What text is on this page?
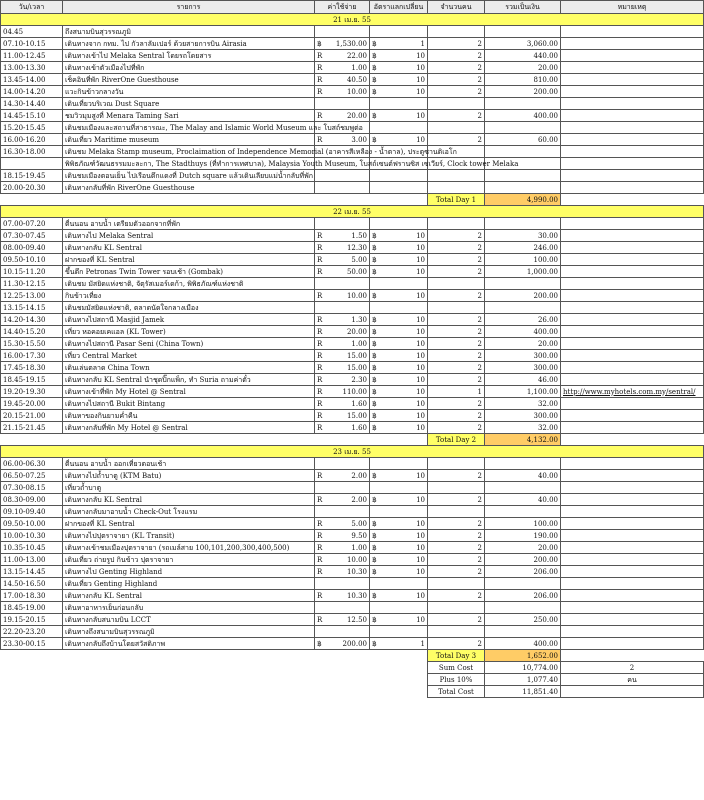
วัน/เวลา	รายการ	ค่าใช้จ่าย	อัตราแลกเปลี่ยน	จำนวนคน	รวมเป็นเงิน	หมายเหตุ
21 เม.ย. 55						
04.45	ถึงสนามบินสุวรรณภูมิ	

07.10-10.15	เดินทางจาก กทม. ไป กัวลาลัมเปอร์ ด้วยสายการบิน Airasia	฿ 1,530.00	฿ 1	2	3,060.00	
11.00-12.45	เดินทางเข้าไป Melaka Sentral โดยรถโดยสาร	R 22.00	฿ 10	2	440.00	
13.00-13.30	เดินทางเข้าตัวเมืองไปที่พัก	R 1.00	฿ 10	2	20.00	
13.45-14.00	เช็คอินที่พัก RiverOne Guesthouse	R 40.50	฿ 10	2	810.00	
14.00-14.20	แวะกินข้าวกลางวัน	R 10.00	฿ 10	2	200.00	
14.30-14.40	เดินเที่ยวบริเวณ Dust Square	

14.45-15.10	ชมวิวมุมสูงที่ Menara Taming Sari	R 20.00	฿ 10	2	400.00	
15.20-15.45	เดินชมเมืองและสถานที่สาธารณะ, The Malay and Islamic World Museum และ โบสถ์ชมพูต่อ	

16.00-16.20	เดินเที่ยว Maritime museum	R 3.00	฿ 10	2	60.00	
16.30-18.00	เดินชม Melaka Stamp museum, Proclaimation of Independence Memorial (อาคารสีเหลือง - น้ำตาล), ประตูซานติเอโก	

	พิพิธภัณฑ์วัฒนธรรมมะละกา, The Stadthuys (ที่ทำการเทศบาล), Malaysia Youth Museum, โบสถ์เซนต์ฟรานซิส เซเวียร์, Clock tower Melaka	

18.15-19.45	เดินชมเมืองตอนเย็น ไปเรือนตึกแดงที่ Dutch square แล้วเดินเลียบแม่น้ำกลับที่พัก	

20.00-20.30	เดินทางกลับที่พัก RiverOne Guesthouse	

				Total Day 1	4,990.00	
22 เม.ย. 55						
07.00-07.20	ตื่นนอน อาบน้ำ เตรียมตัวออกจากที่พัก	

07.30-07.45	เดินทางไป Melaka Sentral	R 1.50	฿ 10	2	30.00	
08.00-09.40	เดินทางกลับ KL Sentral	R 12.30	฿ 10	2	246.00	
09.50-10.10	ฝากของที่ KL Sentral	R 5.00	฿ 10	2	100.00	
10.15-11.20	ขึ้นตึก Petronas Twin Tower รอบเช้า (Gombak)	R 50.00	฿ 10	2	1,000.00	
11.30-12.15	เดินชม มัสยิดแห่งชาติ, จัตุรัสเมอร์เดก้า, พิพิธภัณฑ์แห่งชาติ	

12.25-13.00	กินข้าวเที่ยง	R 10.00	฿ 10	2	200.00	
13.15-14.15	เดินชมมัสยิดแห่งชาติ, ตลาดนัดใจกลางเมือง	

14.20-14.30	เดินทางไปสถานี Masjid Jamek	R 1.30	฿ 10	2	26.00	
14.40-15.20	เที่ยว หอคอยเคแอล (KL Tower)	R 20.00	฿ 10	2	400.00	
15.30-15.50	เดินทางไปสถานี Pasar Seni (China Town)	R 1.00	฿ 10	2	20.00	
16.00-17.30	เที่ยว Central Market	R 15.00	฿ 10	2	300.00	
17.45-18.30	เดินเล่นตลาด China Town	R 15.00	฿ 10	2	300.00	
18.45-19.15	เดินทางกลับ KL Sentral นำชุดปิ๊กแพ็ก, ทำ Suria ถามค่าตั๋ว	R 2.30	฿ 10	2	46.00	
19.20-19.30	เดินทางเข้าที่พัก My Hotel @ Sentral	R 110.00	฿ 10	1	1,100.00	http://www.myhotels.com.my/sentral/
19.45-20.00	เดินทางไปสถานี Bukit Bintang	R 1.60	฿ 10	2	32.00	
20.15-21.00	เดินหาของกินยามค่ำคืน	R 15.00	฿ 10	2	300.00	
21.15-21.45	เดินทางกลับที่พัก My Hotel @ Sentral	R 1.60	฿ 10	2	32.00	
				Total Day 2	4,132.00	
23 เม.ย. 55						
06.00-06.30	ตื่นนอน อาบน้ำ ออกเที่ยวตอนเช้า	

06.50-07.25	เดินทางไปถ้ำบาตู (KTM Batu)	R 2.00	฿ 10	2	40.00	
07.30-08.15	เที่ยวถ้ำบาตู	

08.30-09.00	เดินทางกลับ KL Sentral	R 2.00	฿ 10	2	40.00	
09.10-09.40	เดินทางกลับมาอาบน้ำ Check-Out โรงแรม	

09.50-10.00	ฝากของที่ KL Sentral	R 5.00	฿ 10	2	100.00	
10.00-10.30	เดินทางไปปุตราจายา (KL Transit)	R 9.50	฿ 10	2	190.00	
10.35-10.45	เดินทางเข้าชมเมืองปุตราจายา (รถเมล์สาย 100,101,200,300,400,500)	R 1.00	฿ 10	2	20.00	
11.00-13.00	เดินเที่ยว ถ่ายรูป กินข้าว ปุตราจายา	R 10.00	฿ 10	2	200.00	
13.15-14.45	เดินทางไป Genting Highland	R 10.30	฿ 10	2	206.00	
14.50-16.50	เดินเที่ยว Genting Highland	

17.00-18.30	เดินทางกลับ KL Sentral	R 10.30	฿ 10	2	206.00	
18.45-19.00	เดินหาอาหารเย็นก่อนกลับ	

19.15-20.15	เดินทางกลับสนามบิน LCCT	R 12.50	฿ 10	2	250.00	
22.20-23.20	เดินทางถึงสนามบินสุวรรณภูมิ	

23.30-00.15	เดินทางกลับถึงบ้านโดยสวัสดิภาพ	฿ 200.00	฿ 1	2	400.00	
				Total Day 3	1,652.00	
				Sum Cost	10,774.00	2
				Plus 10%	1,077.40	คน
				Total Cost	11,851.40	
